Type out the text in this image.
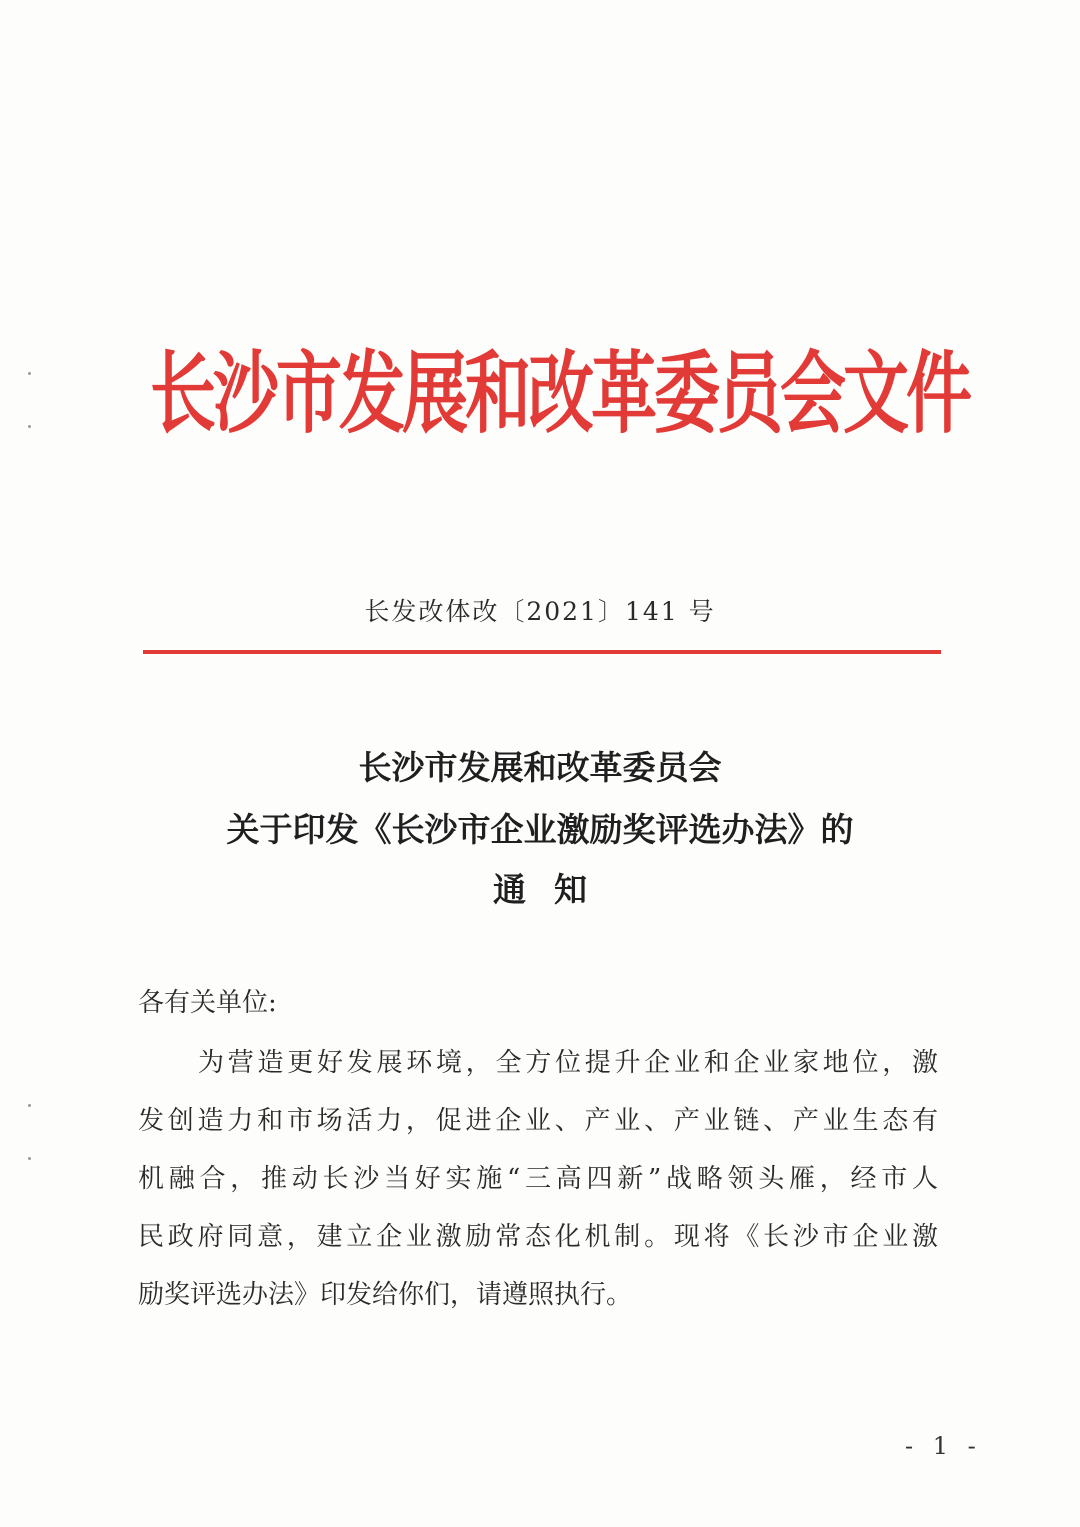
长沙市发展和改革委员会文件
长发改体改〔2021〕141 号
长沙市发展和改革委员会
关于印发《长沙市企业激励奖评选办法》的
通知
各有关单位:
为营造更好发展环境，全方位提升企业和企业家地位，激
发创造力和市场活力，促进企业、产业、产业链、产业生态有
机融合，推动长沙当好实施“三高四新”战略领头雁，经市人
民政府同意，建立企业激励常态化机制。现将《长沙市企业激
励奖评选办法》印发给你们，请遵照执行。
- 1 -
